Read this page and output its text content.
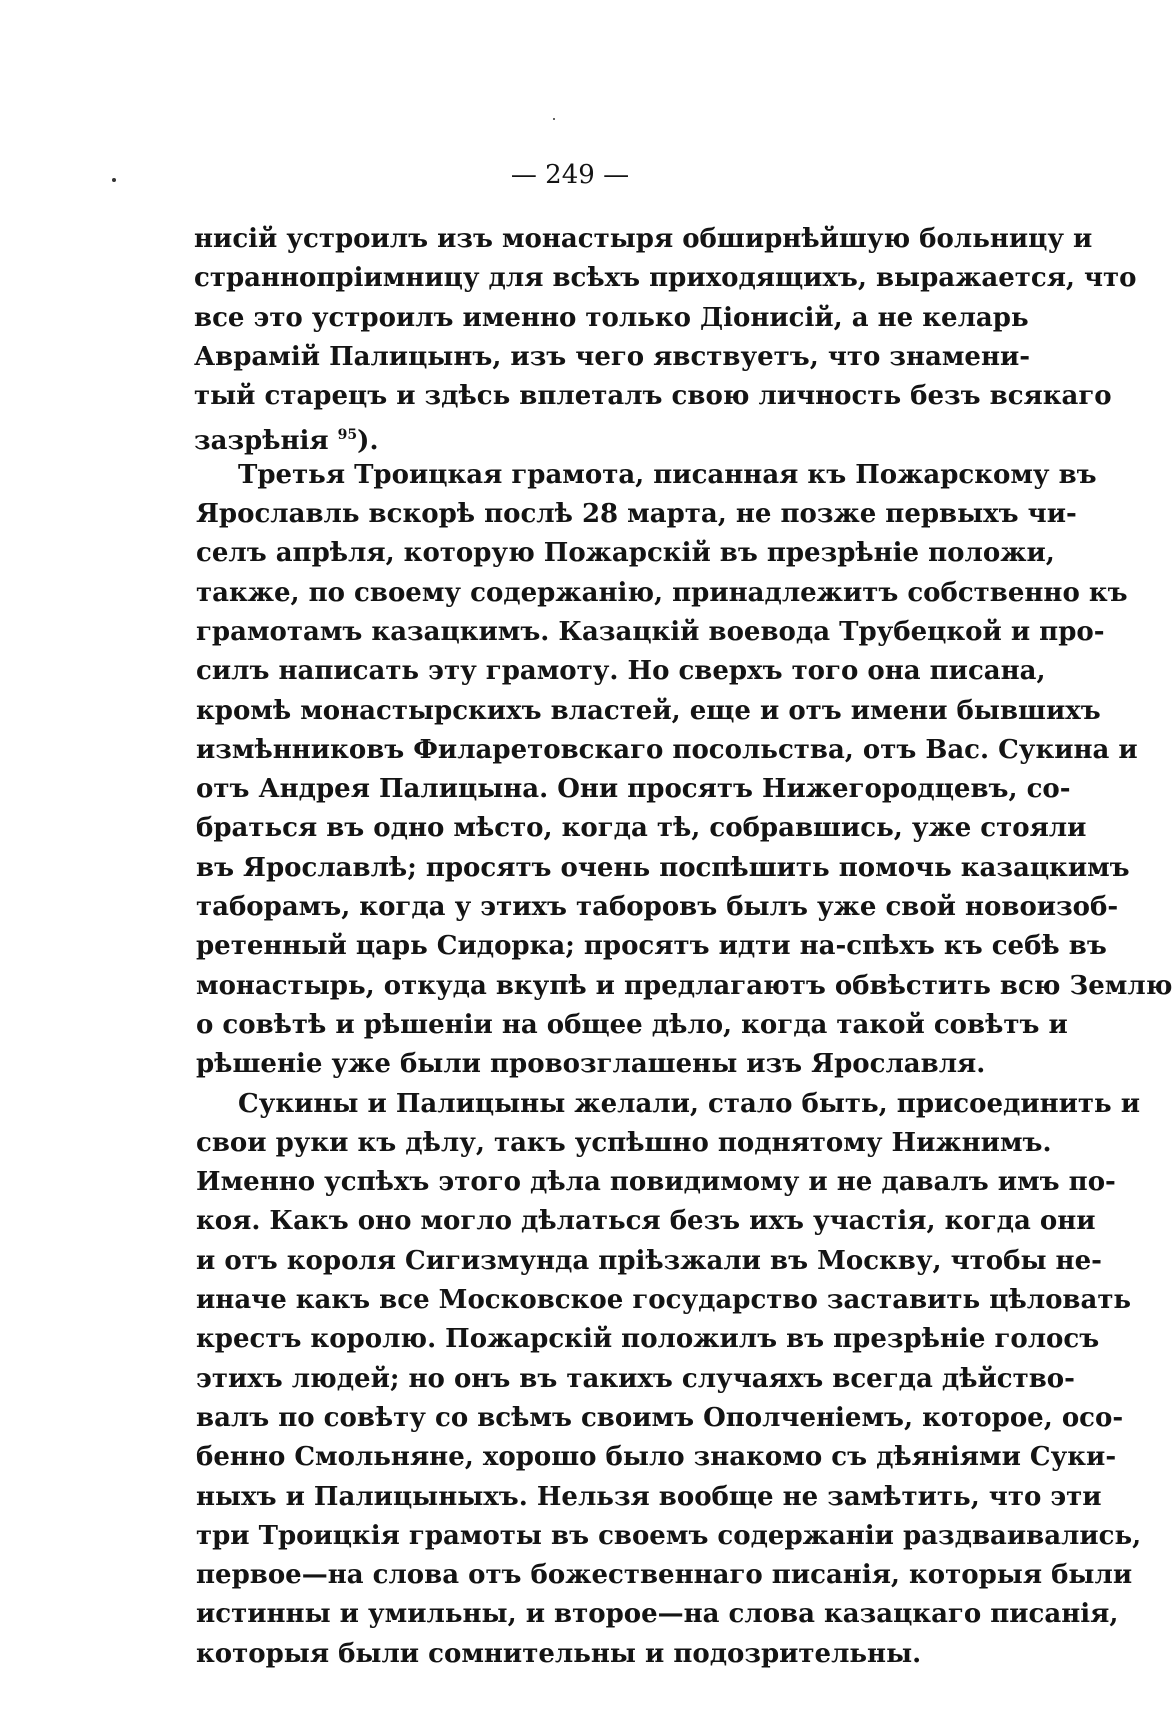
— 249 —
нисій устроилъ изъ монастыря обширнѣйшую больницу и
страннопріимницу для всѣхъ приходящихъ, выражается, что
все это устроилъ именно только Діонисій, а не келарь
Аврамій Палицынъ, изъ чего явствуетъ, что знамени-
тый старецъ и здѣсь вплеталъ свою личность безъ всякаго
зазрѣнія $^{95}$).
Третья Троицкая грамота, писанная къ Пожарскому въ
Ярославль вскорѣ послѣ 28 марта, не позже первыхъ чи-
селъ апрѣля, которую Пожарскій въ презрѣніе положи,
также, по своему содержанію, принадлежитъ собственно къ
грамотамъ казацкимъ. Казацкій воевода Трубецкой и про-
силъ написать эту грамоту. Но сверхъ того она писана,
кромѣ монастырскихъ властей, еще и отъ имени бывшихъ
измѣнниковъ Филаретовскаго посольства, отъ Вас. Сукина и
отъ Андрея Палицына. Они просятъ Нижегородцевъ, со-
браться въ одно мѣсто, когда тѣ, собравшись, уже стояли
въ Ярославлѣ; просятъ очень поспѣшить помочь казацкимъ
таборамъ, когда у этихъ таборовъ былъ уже свой новоизоб-
ретенный царь Сидорка; просятъ идти на-спѣхъ къ себѣ въ
монастырь, откуда вкупѣ и предлагаютъ обвѣстить всю Землю
о совѣтѣ и рѣшеніи на общее дѣло, когда такой совѣтъ и
рѣшеніе уже были провозглашены изъ Ярославля.
Сукины и Палицыны желали, стало быть, присоединить и
свои руки къ дѣлу, такъ успѣшно поднятому Нижнимъ.
Именно успѣхъ этого дѣла повидимому и не давалъ имъ по-
коя. Какъ оно могло дѣлаться безъ ихъ участія, когда они
и отъ короля Сигизмунда пріѣзжали въ Москву, чтобы не-
иначе какъ все Московское государство заставить цѣловать
крестъ королю. Пожарскій положилъ въ презрѣніе голосъ
этихъ людей; но онъ въ такихъ случаяхъ всегда дѣйство-
валъ по совѣту со всѣмъ своимъ Ополченіемъ, которое, осо-
бенно Смольняне, хорошо было знакомо съ дѣяніями Суки-
ныхъ и Палицыныхъ. Нельзя вообще не замѣтить, что эти
три Троицкія грамоты въ своемъ содержаніи раздваивались,
первое—на слова отъ божественнаго писанія, которыя были
истинны и умильны, и второе—на слова казацкаго писанія,
которыя были сомнительны и подозрительны.
